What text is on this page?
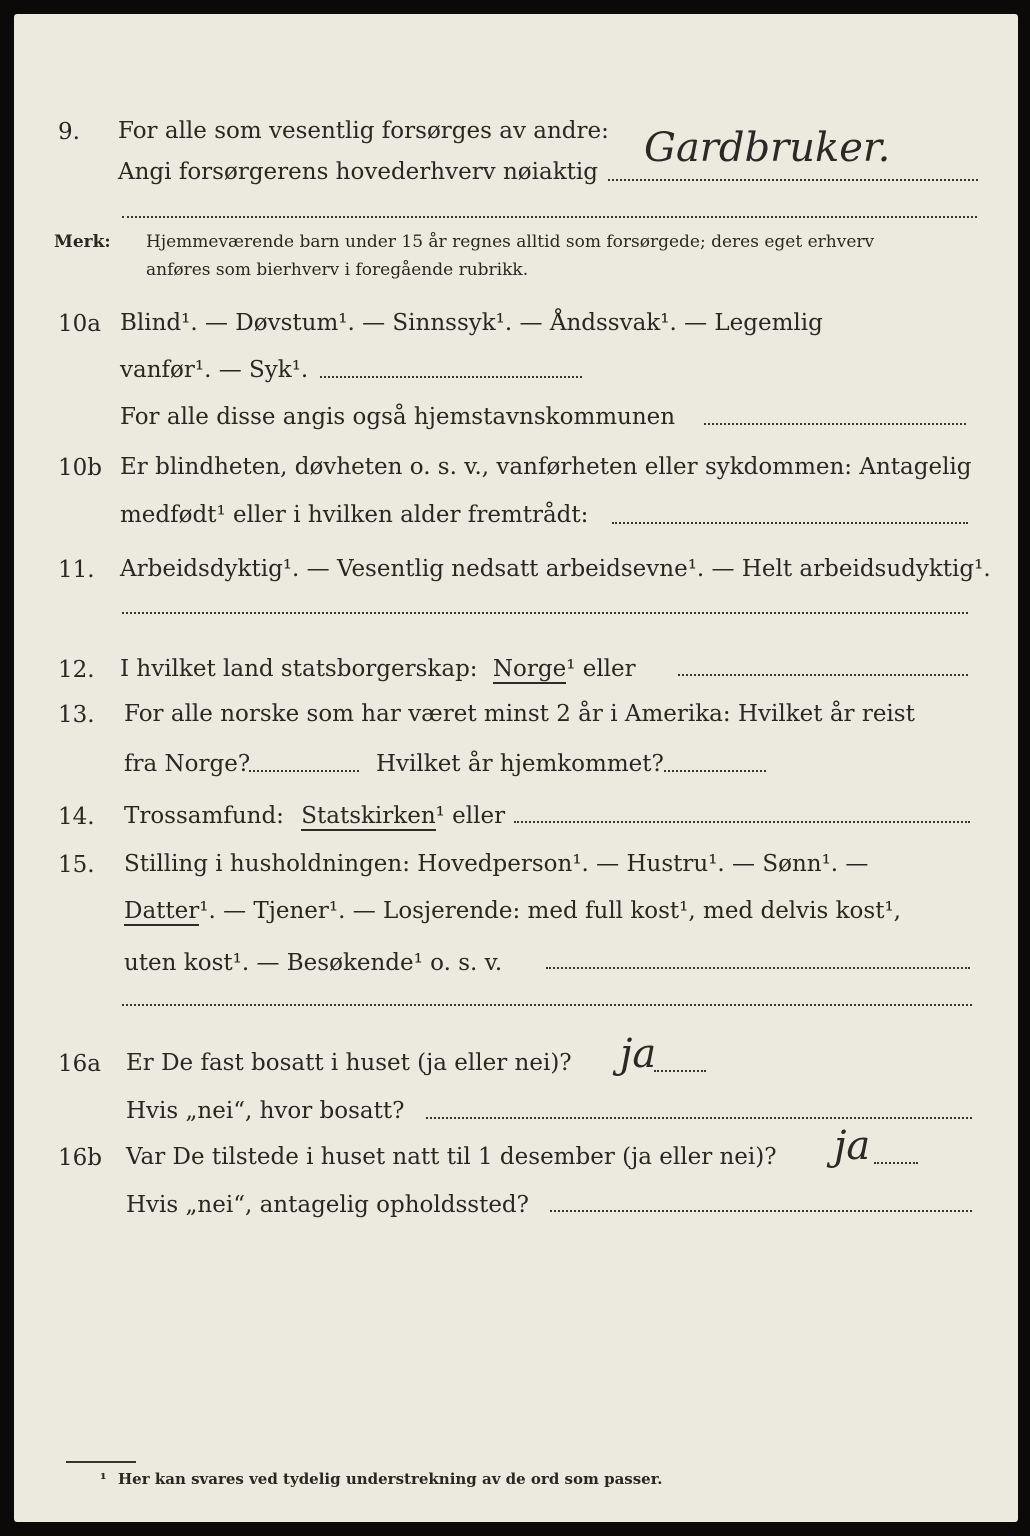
9. For alle som vesentlig forsørges av andre:
Angi forsørgerens hovederhverv nøiaktig
Gardbruker.
Merk: Hjemmeværende barn under 15 år regnes alltid som forsørgede; deres eget erhverv
anføres som bierhverv i foregående rubrikk.
10a Blind¹. — Døvstum¹. — Sinnssyk¹. — Åndssvak¹. — Legemlig
vanfør¹. — Syk¹.
For alle disse angis også hjemstavnskommunen
10b Er blindheten, døvheten o. s. v., vanførheten eller sykdommen: Antagelig
medfødt¹ eller i hvilken alder fremtrådt:
11. Arbeidsdyktig¹. — Vesentlig nedsatt arbeidsevne¹. — Helt arbeidsudyktig¹.
12. I hvilket land statsborgerskap: Norge¹ eller
13. For alle norske som har været minst 2 år i Amerika: Hvilket år reist
fra Norge?	Hvilket år hjemkommet?
14. Trossamfund: Statskirken¹ eller
15. Stilling i husholdningen: Hovedperson¹. — Hustru¹. — Sønn¹. —
Datter¹. — Tjener¹. — Losjerende: med full kost¹, med delvis kost¹,
uten kost¹. — Besøkende¹ o. s. v.
16a Er De fast bosatt i huset (ja eller nei)? ja
Hvis „nei“, hvor bosatt?
16b Var De tilstede i huset natt til 1 desember (ja eller nei)? ja
Hvis „nei“, antagelig opholdssted?
¹ Her kan svares ved tydelig understrekning av de ord som passer.
